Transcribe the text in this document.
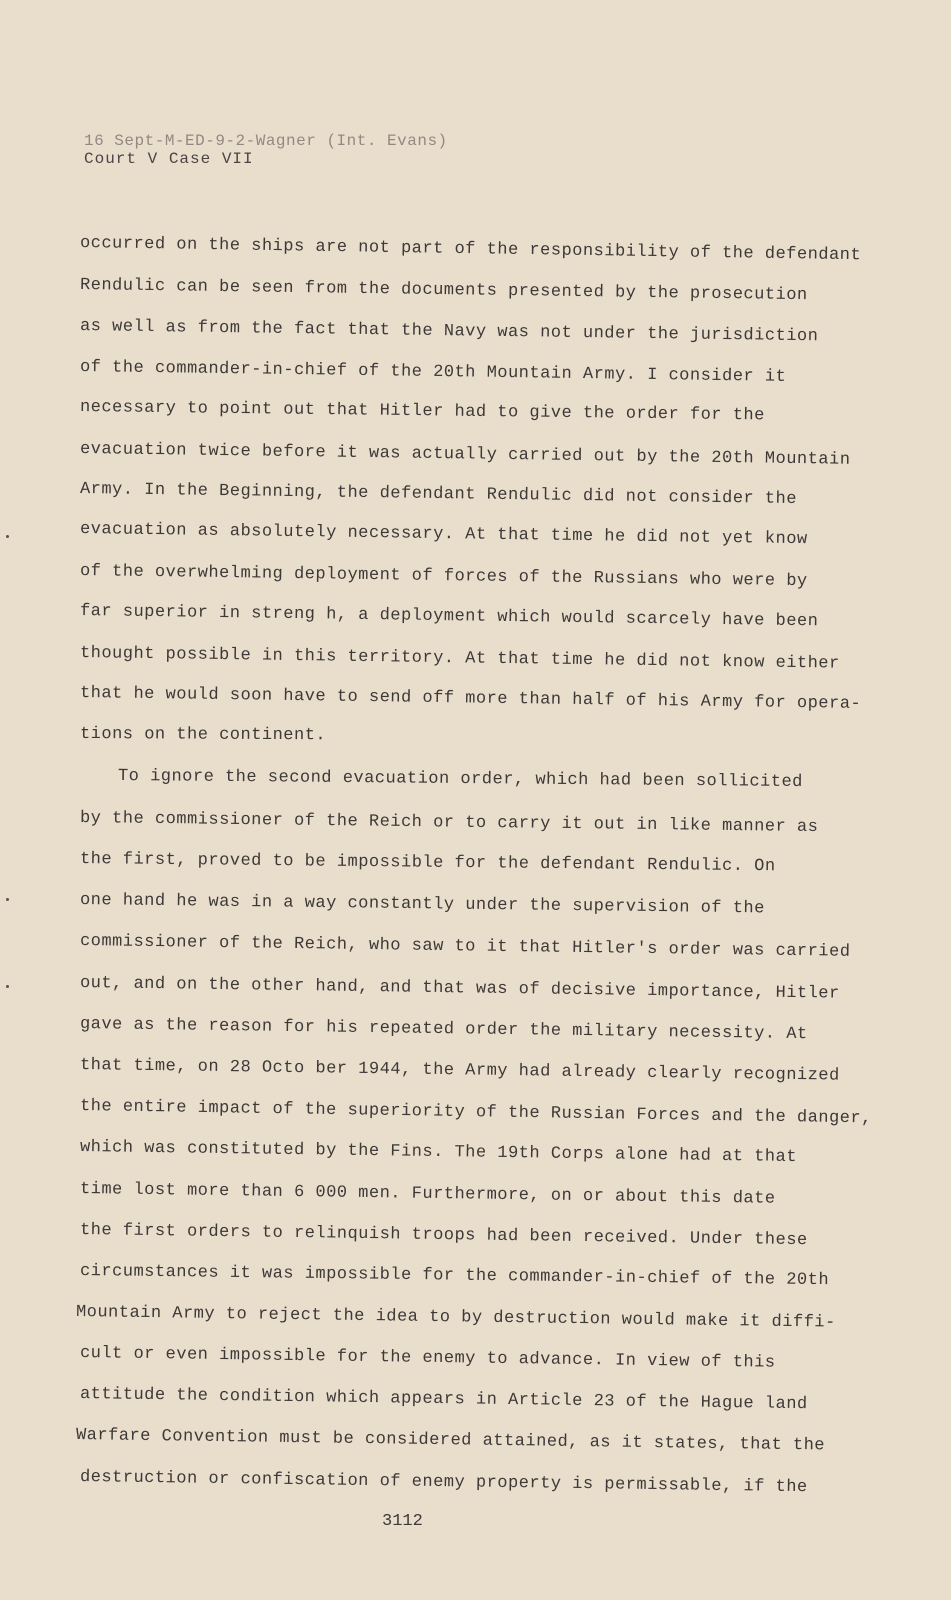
16 Sept-M-ED-9-2-Wagner (Int. Evans)
Court V Case VII
occurred on the ships are not part of the responsibility of the defendant
Rendulic can be seen from the documents presented by the prosecution
as well as from the fact that the Navy was not under the jurisdiction
of the commander-in-chief of the 20th Mountain Army. I consider it
necessary to point out that Hitler had to give the order for the
evacuation twice before it was actually carried out by the 20th Mountain
Army. In the Beginning, the defendant Rendulic did not consider the
evacuation as absolutely necessary. At that time he did not yet know
of the overwhelming deployment of forces of the Russians who were by
far superior in streng h, a deployment which would scarcely have been
thought possible in this territory. At that time he did not know either
that he would soon have to send off more than half of his Army for opera-
tions on the continent.
To ignore the second evacuation order, which had been sollicited
by the commissioner of the Reich or to carry it out in like manner as
the first, proved to be impossible for the defendant Rendulic. On
one hand he was in a way constantly under the supervision of the
commissioner of the Reich, who saw to it that Hitler's order was carried
out, and on the other hand, and that was of decisive importance, Hitler
gave as the reason for his repeated order the military necessity. At
that time, on 28 Octo ber 1944, the Army had already clearly recognized
the entire impact of the superiority of the Russian Forces and the danger,
which was constituted by the Fins. The 19th Corps alone had at that
time lost more than 6 000 men. Furthermore, on or about this date
the first orders to relinquish troops had been received. Under these
circumstances it was impossible for the commander-in-chief of the 20th
Mountain Army to reject the idea to by destruction would make it diffi-
cult or even impossible for the enemy to advance. In view of this
attitude the condition which appears in Article 23 of the Hague land
Warfare Convention must be considered attained, as it states, that the
destruction or confiscation of enemy property is permissable, if the
3112
